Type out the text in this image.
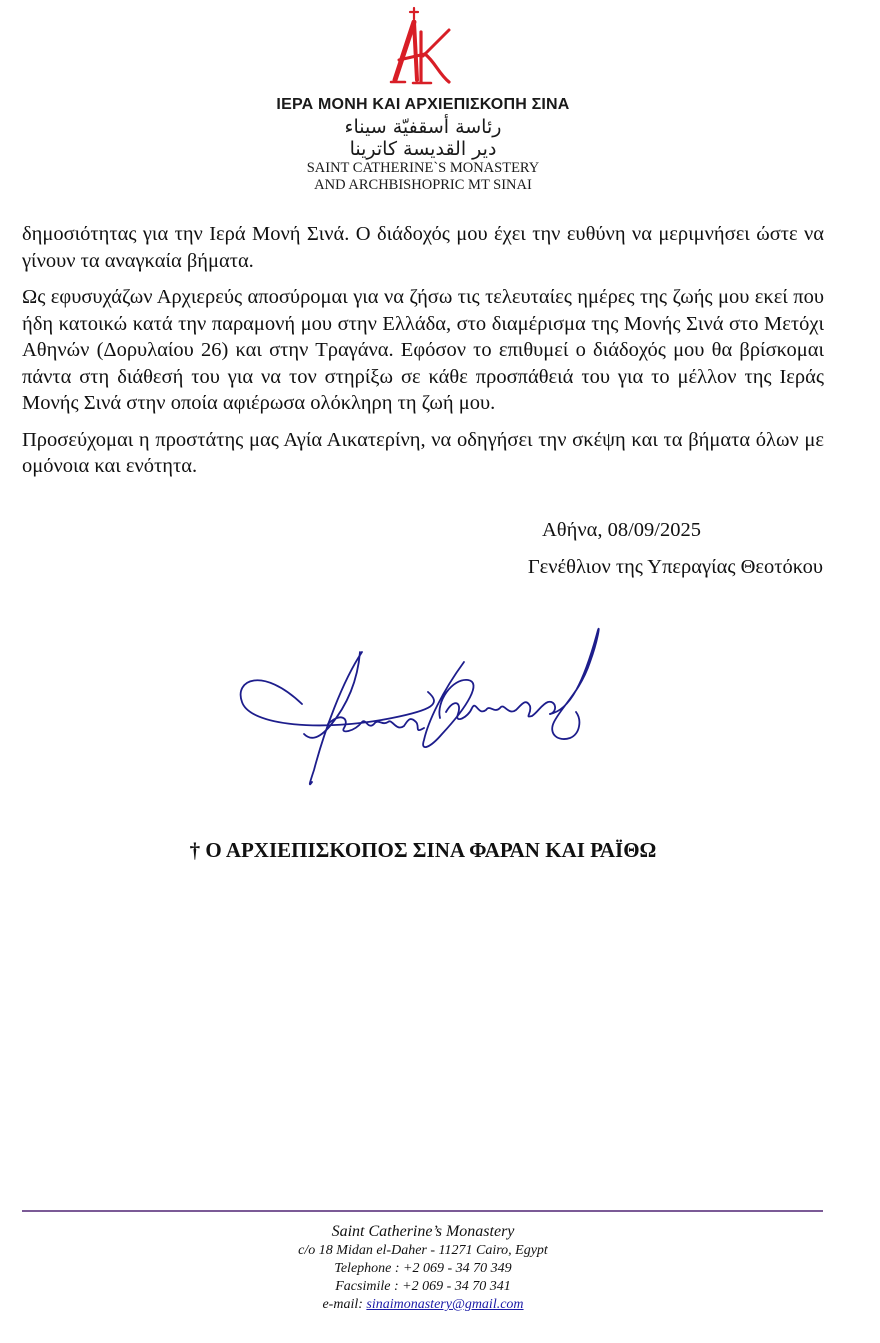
ΙΕΡΑ ΜΟΝΗ ΚΑΙ ΑΡΧΙΕΠΙΣΚΟΠΗ ΣΙΝΑ
رئاسة أسقفيّة سيناء
دير القديسة كاترينا
SAINT CATHERINE`S MONASTERY
AND ARCHBISHOPRIC MT SINAI

δημοσιότητας για την Ιερά Μονή Σινά. Ο διάδοχός μου έχει την ευθύνη να μεριμνήσει ώστε να γίνουν τα αναγκαία βήματα.

Ως εφυσυχάζων Αρχιερεύς αποσύρομαι για να ζήσω τις τελευταίες ημέρες της ζωής μου εκεί που ήδη κατοικώ κατά την παραμονή μου στην Ελλάδα, στο διαμέρισμα της Μονής Σινά στο Μετόχι Αθηνών (Δορυλαίου 26) και στην Τραγάνα. Εφόσον το επιθυμεί ο διάδοχός μου θα βρίσκομαι πάντα στη διάθεσή του για να τον στηρίξω σε κάθε προσπάθειά του για το μέλλον της Ιεράς Μονής Σινά στην οποία αφιέρωσα ολόκληρη τη ζωή μου.

Προσεύχομαι η προστάτης μας Αγία Αικατερίνη, να οδηγήσει την σκέψη και τα βήματα όλων με ομόνοια και ενότητα.

Αθήνα, 08/09/2025
Γενέθλιον της Υπεραγίας Θεοτόκου
† Ο ΑΡΧΙΕΠΙΣΚΟΠΟΣ ΣΙΝΑ ΦΑΡΑΝ ΚΑΙ ΡΑΪΘΩ
Saint Catherine’s Monastery
c/o 18 Midan el-Daher - 11271 Cairo, Egypt
Telephone : +2 069 - 34 70 349
Facsimile : +2 069 - 34 70 341
e-mail: sinaimonastery@gmail.com
